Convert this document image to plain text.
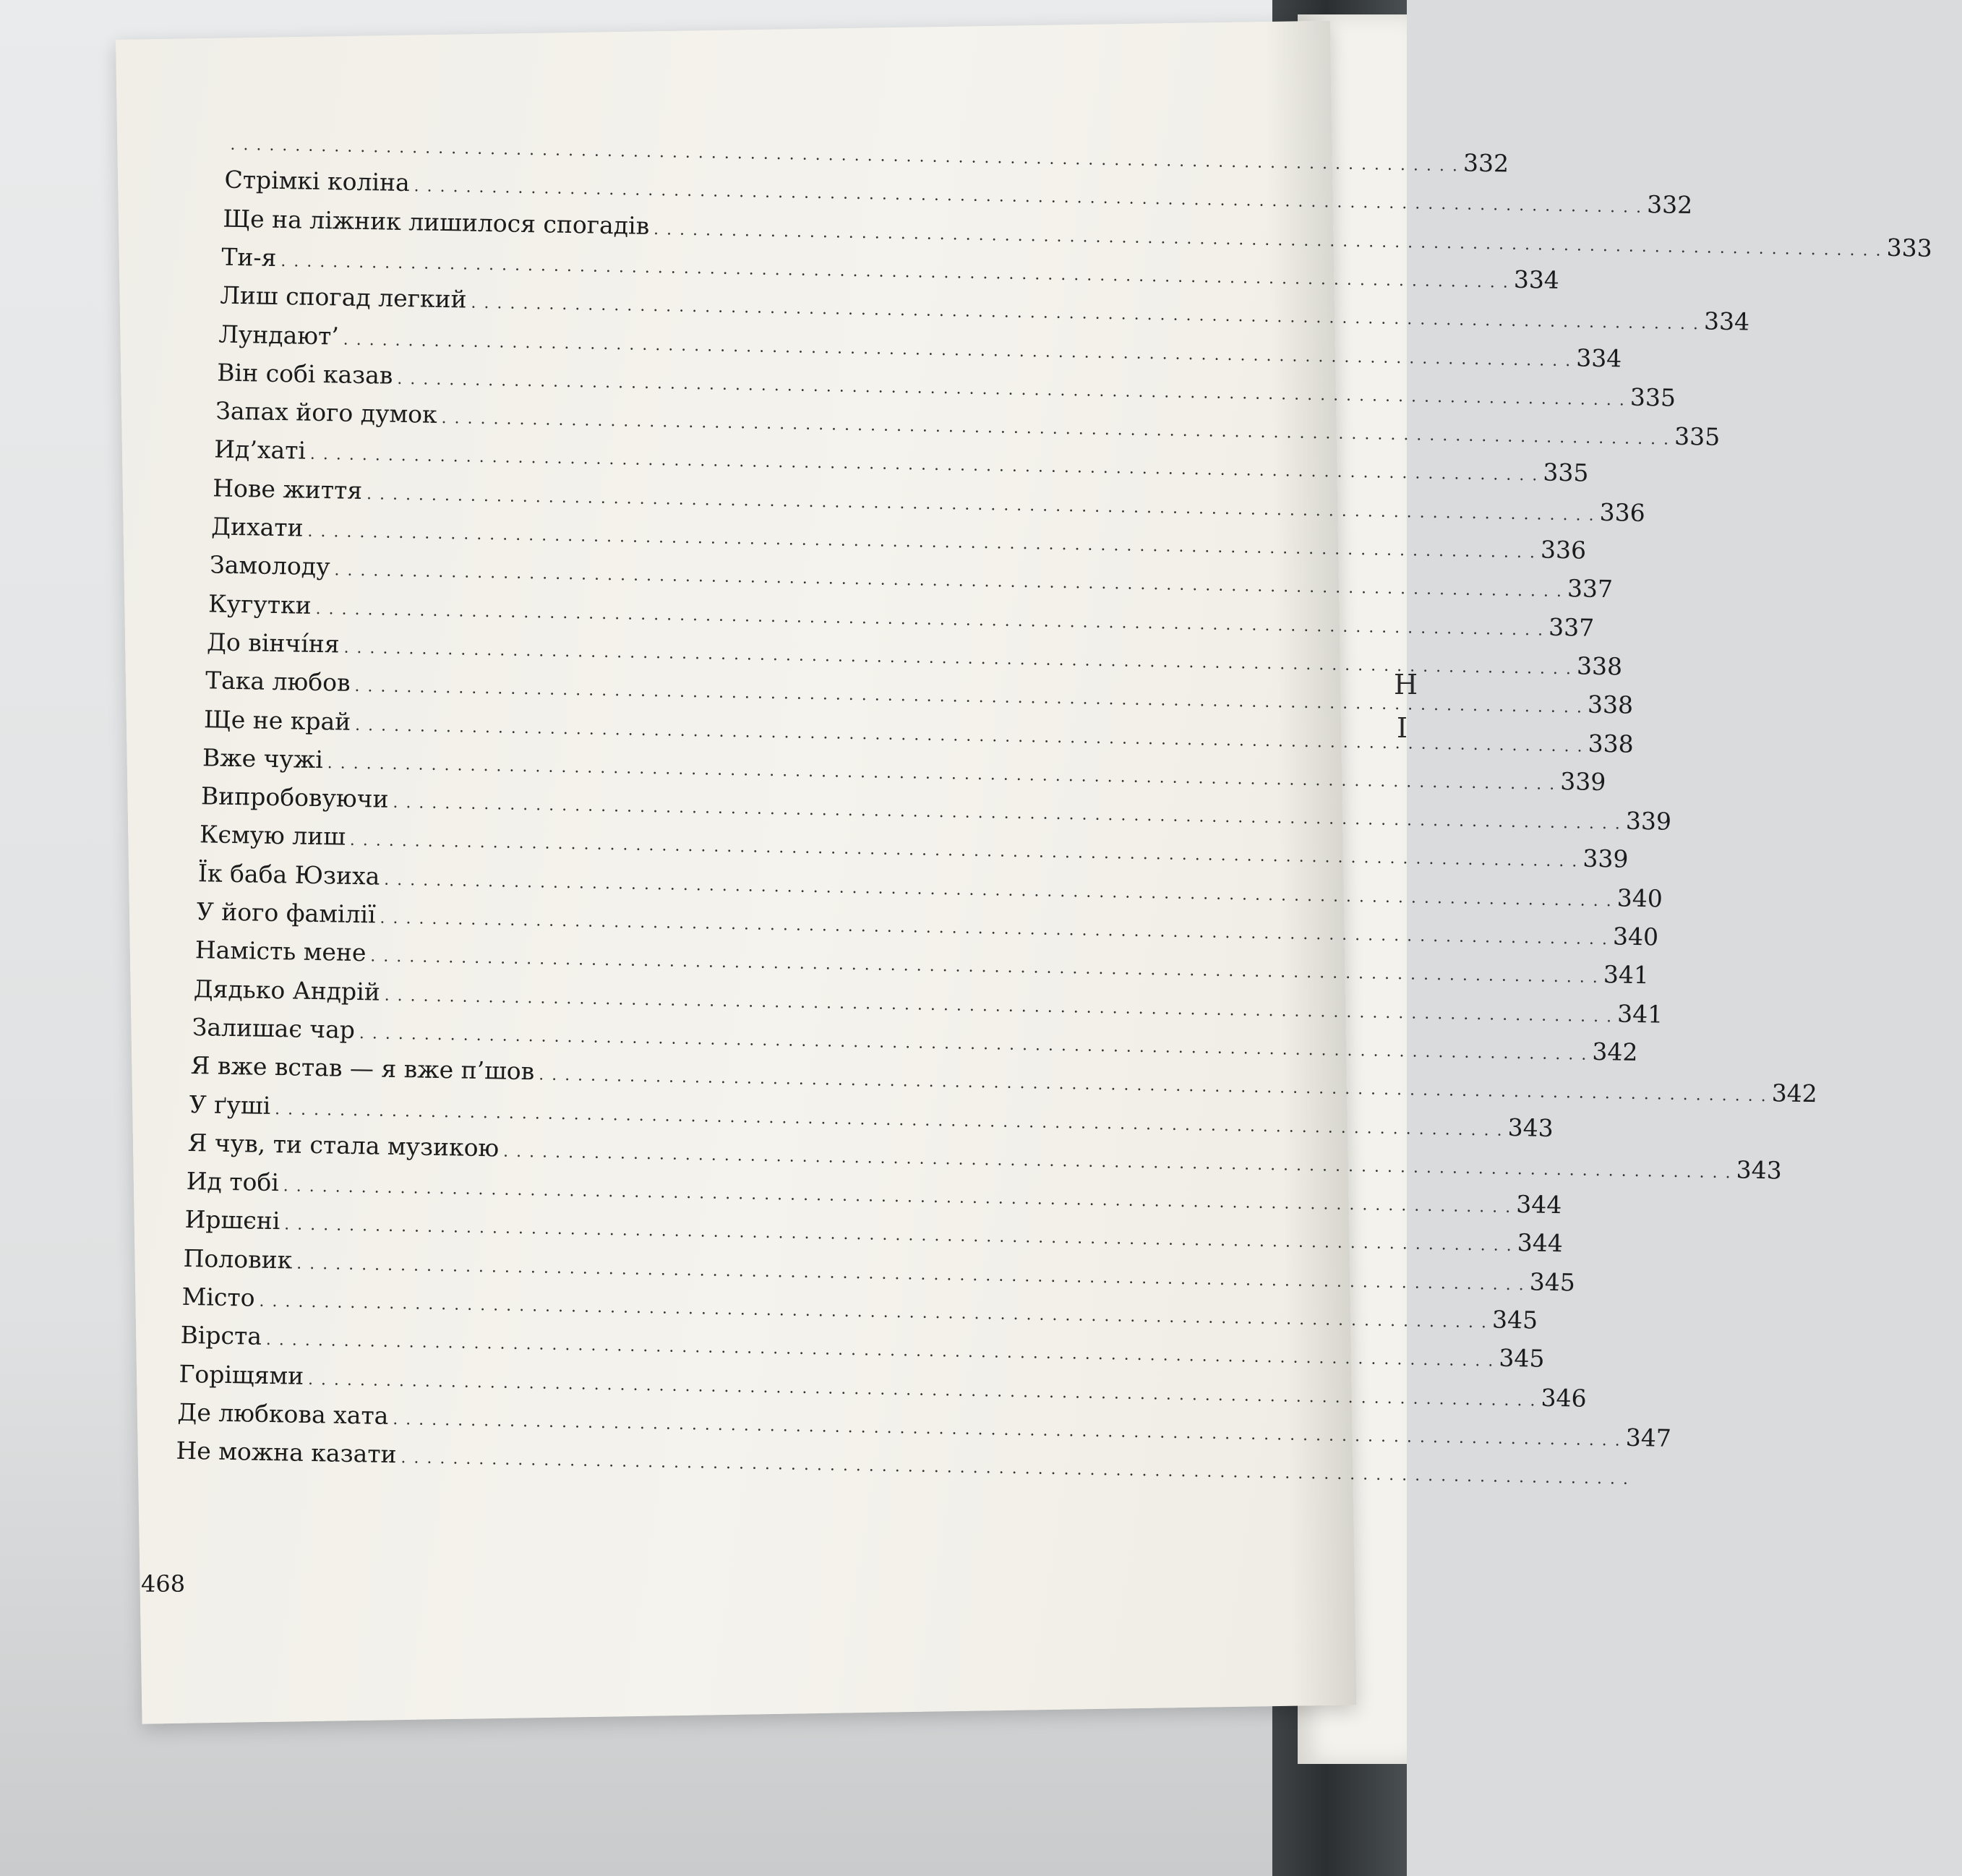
Н
І
. . .
332
Стрімкі коліна
. . .
332
Ще на ліжник лишилося спогадів
. . .
333
Ти-я
. . .
334
Лиш спогад легкий
. . .
334
Лундают’
. . .
334
Він собі казав
. . .
335
Запах його думок
. . .
335
Ид’хаті
. . .
335
Нове життя
. . .
336
Дихати
. . .
336
Замолоду
. . .
337
Кугутки
. . .
337
До вінчі́ня
. . .
338
Така любов
. . .
338
Ще не край
. . .
338
Вже чужі
. . .
339
Випробовуючи
. . .
339
Кємую лиш
. . .
339
Їк баба Юзиха
. . .
340
У його фамілії
. . .
340
Намість мене
. . .
341
Дядько Андрій
. . .
341
Залишає чар
. . .
342
Я вже встав — я вже п’шов
. . .
342
У ґуші
. . .
343
Я чув, ти стала музикою
. . .
343
Ид тобі
. . .
344
Иршєні
. . .
344
Половик
. . .
345
Місто
. . .
345
Вірста
. . .
345
Горіщями
. . .
346
Де любкова хата
. . .
347
Не можна казати
. . .
468
